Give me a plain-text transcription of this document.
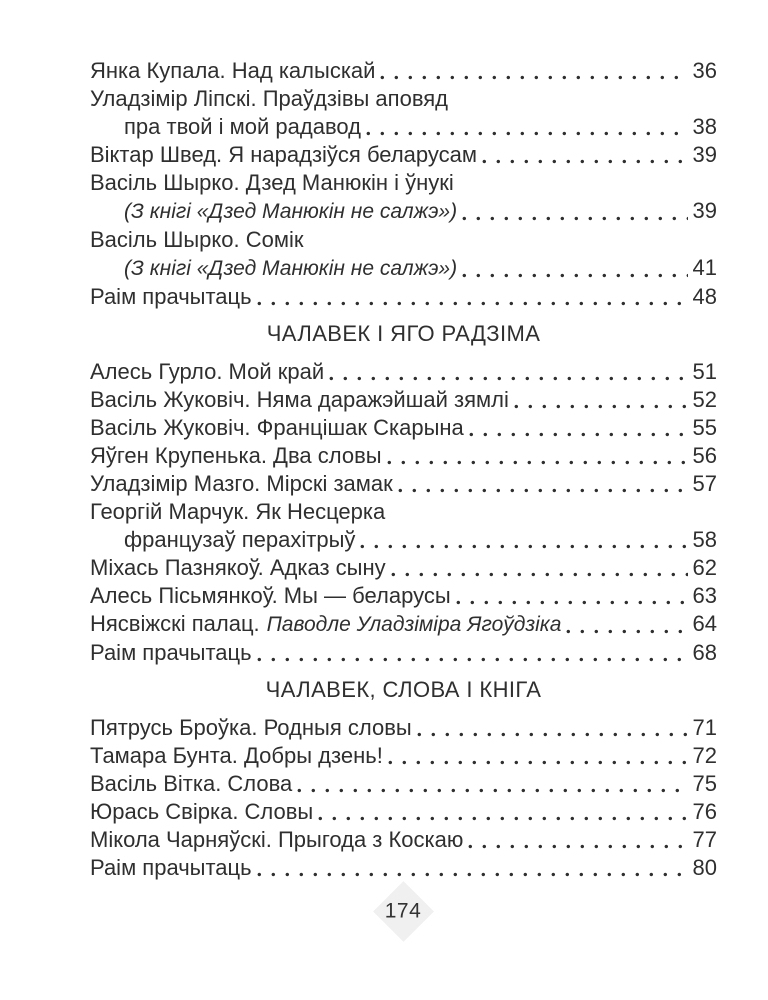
Янка Купала. Над калыскай	36
Уладзімір Ліпскі. Праўдзівы аповяд
пра твой і мой радавод	38
Віктар Швед. Я нарадзіўся беларусам	39
Васіль Шырко. Дзед Манюкін і ўнукі
(З кнігі «Дзед Манюкін не салжэ»)	39
Васіль Шырко. Сомік
(З кнігі «Дзед Манюкін не салжэ»)	41
Раім прачытаць	48
ЧАЛАВЕК І ЯГО РАДЗІМА
Алесь Гурло. Мой край	51
Васіль Жуковіч. Няма даражэйшай зямлі	52
Васіль Жуковіч. Францішак Скарына	55
Яўген Крупенька. Два словы	56
Уладзімір Мазго. Мірскі замак	57
Георгій Марчук. Як Несцерка
французаў перахітрыў	58
Міхась Пазнякоў. Адказ сыну	62
Алесь Пісьмянкоў. Мы — беларусы	63
Нясвіжскі палац. Паводле Уладзіміра Ягоўдзіка	64
Раім прачытаць	68
ЧАЛАВЕК, СЛОВА І КНІГА
Пятрусь Броўка. Родныя словы	71
Тамара Бунта. Добры дзень!	72
Васіль Вітка. Слова	75
Юрась Свірка. Словы	76
Мікола Чарняўскі. Прыгода з Коскаю	77
Раім прачытаць	80
174
